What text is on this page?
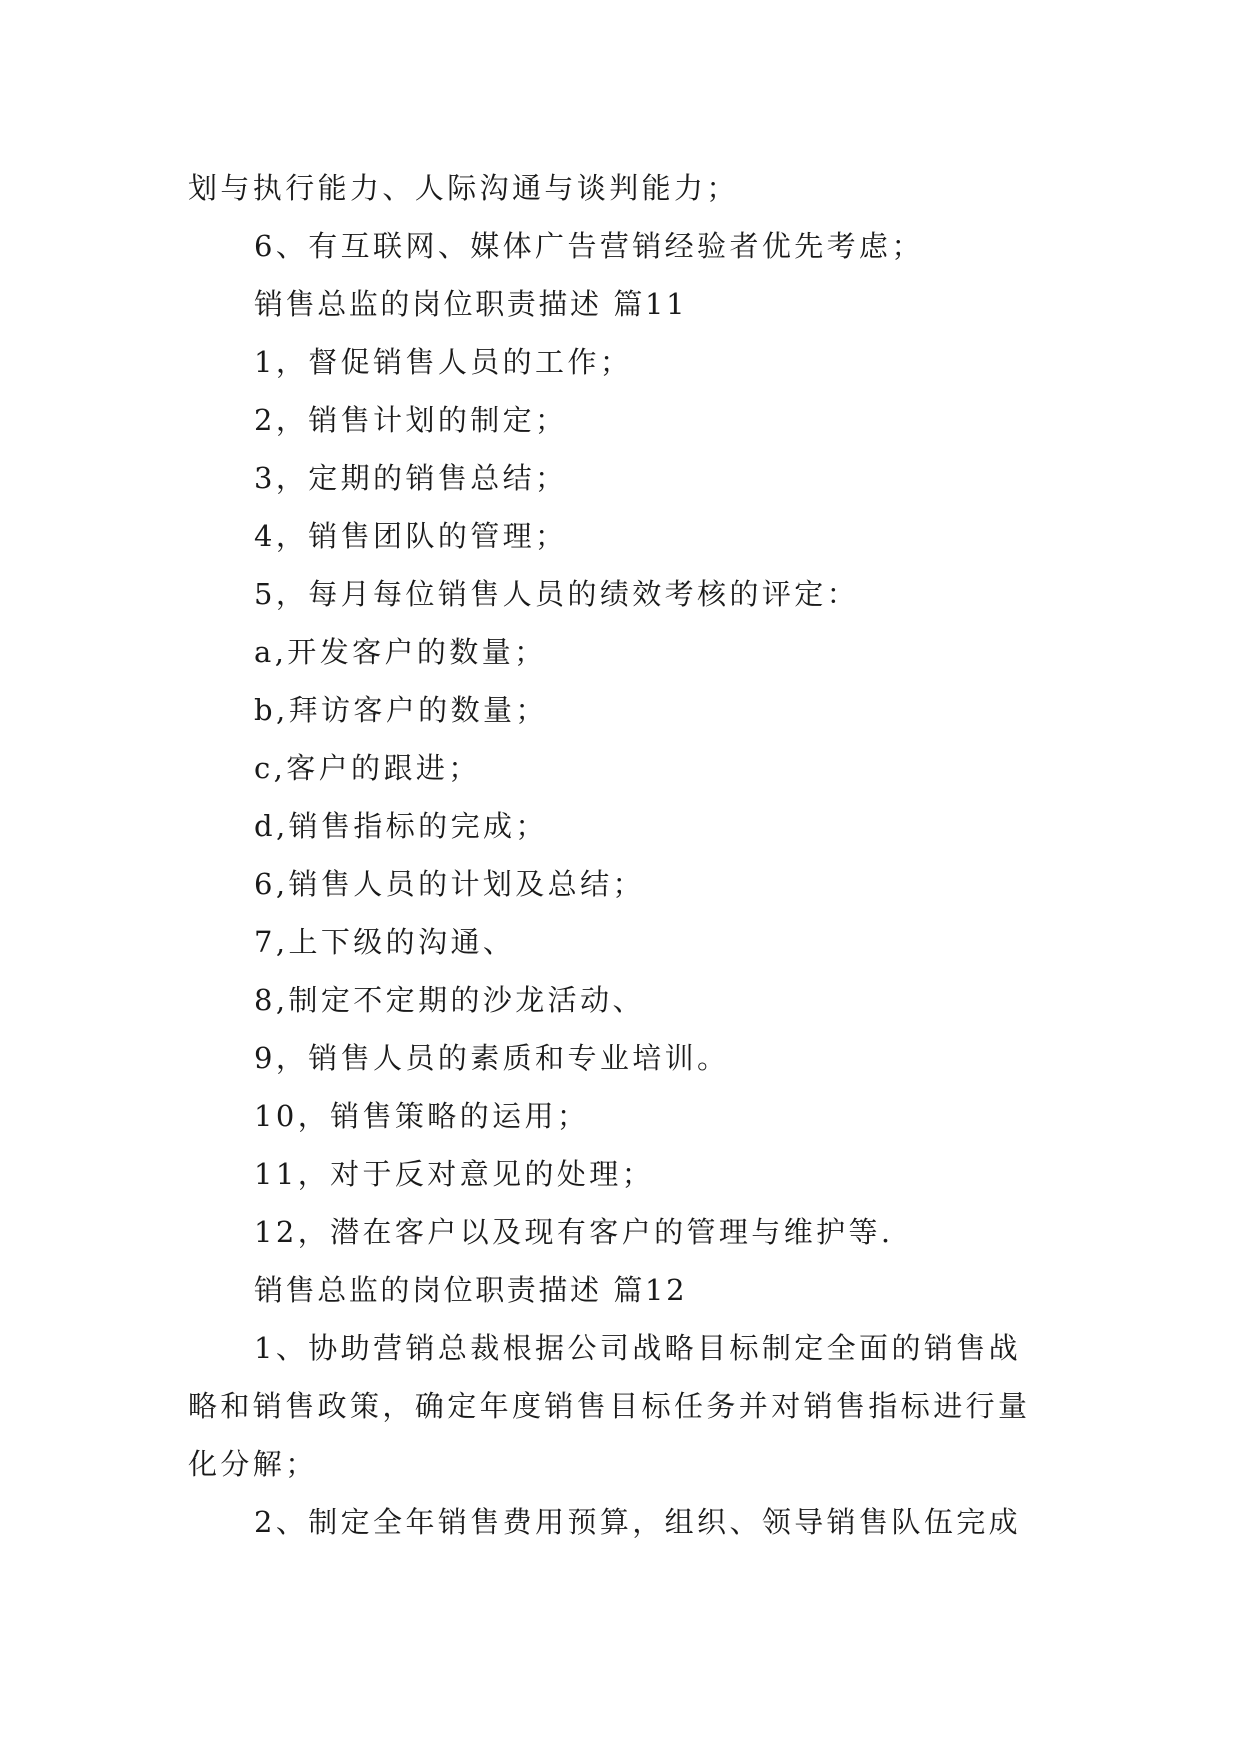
划与执行能力、人际沟通与谈判能力；
6、有互联网、媒体广告营销经验者优先考虑；
销售总监的岗位职责描述 篇11
1，督促销售人员的工作；
2，销售计划的制定；
3，定期的销售总结；
4，销售团队的管理；
5，每月每位销售人员的绩效考核的评定：
a,开发客户的数量；
b,拜访客户的数量；
c,客户的跟进；
d,销售指标的完成；
6,销售人员的计划及总结；
7,上下级的沟通、
8,制定不定期的沙龙活动、
9，销售人员的素质和专业培训。
10，销售策略的运用；
11，对于反对意见的处理；
12，潜在客户以及现有客户的管理与维护等.
销售总监的岗位职责描述 篇12
1、协助营销总裁根据公司战略目标制定全面的销售战
略和销售政策，确定年度销售目标任务并对销售指标进行量
化分解；
2、制定全年销售费用预算，组织、领导销售队伍完成
